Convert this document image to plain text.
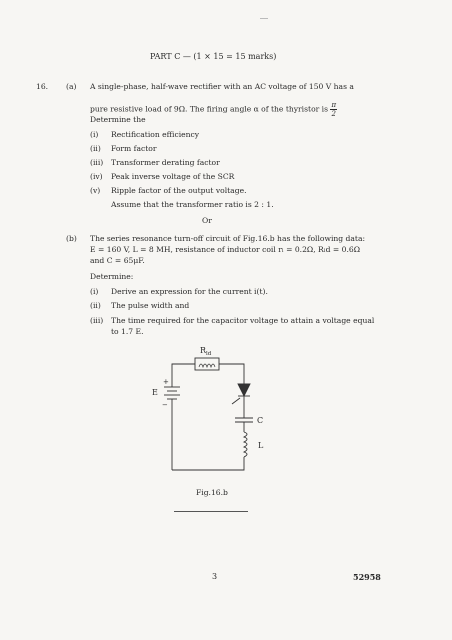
PART C — (1 × 15 = 15 marks)
16. (a) A single-phase, half-wave rectifier with an AC voltage of 150 V has a
pure resistive load of 9Ω. The firing angle α of the thyristor is $\frac{\pi}{2}$
Determine the
(i) Rectification efficiency
(ii) Form factor
(iii) Transformer derating factor
(iv) Peak inverse voltage of the SCR
(v) Ripple factor of the output voltage.
Assume that the transformer ratio is 2 : 1.
Or
(b) The series resonance turn-off circuit of Fig.16.b has the following data:
E = 160 V, L = 8 MH, resistance of inductor coil rₗ = 0.2Ω, Rₗd = 0.6Ω
and C = 65μF.
Determine:
(i) Derive an expression for the current i(t).
(ii) The pulse width and
(iii) The time required for the capacitor voltage to attain a voltage equal
to 1.7 E.
$R_{ld}$
+
E
−
C
L
Fig.16.b
3	52958
